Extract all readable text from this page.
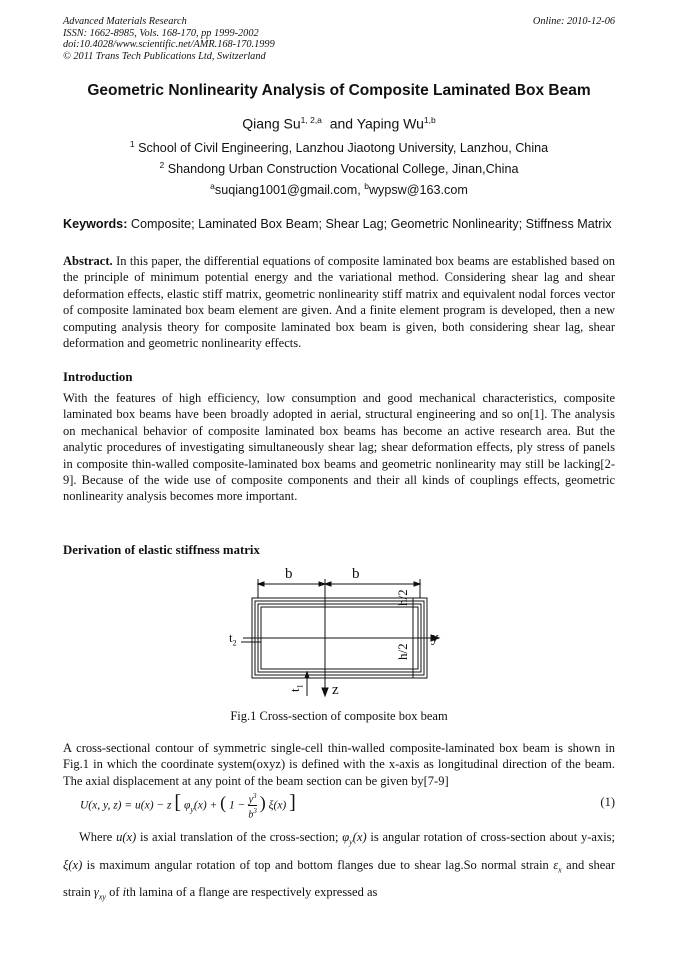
Advanced Materials Research
ISSN: 1662-8985, Vols. 168-170, pp 1999-2002
doi:10.4028/www.scientific.net/AMR.168-170.1999
© 2011 Trans Tech Publications Ltd, Switzerland
Online: 2010-12-06
Geometric Nonlinearity Analysis of Composite Laminated Box Beam
Qiang Su$^{1, 2,a}$ and Yaping Wu$^{1,b}$
$^1$ School of Civil Engineering, Lanzhou Jiaotong University, Lanzhou, China
$^2$ Shandong Urban Construction Vocational College, Jinan,China
$^a$suqiang1001@gmail.com, $^b$wypsw@163.com
Keywords: Composite; Laminated Box Beam; Shear Lag; Geometric Nonlinearity; Stiffness Matrix
Abstract. In this paper, the differential equations of composite laminated box beams are established based on the principle of minimum potential energy and the variational method. Considering shear lag and shear deformation effects, elastic stiff matrix, geometric nonlinearity stiff matrix and equivalent nodal forces vector of composite laminated box beam element are given. And a finite element program is developed, then a new computing analysis theory for composite laminated box beam is given, both considering shear lag, shear deformation and geometric nonlinearity effects.
Introduction
With the features of high efficiency, low consumption and good mechanical characteristics, composite laminated box beams have been broadly adopted in aerial, structural engineering and so on[1]. The analysis on mechanical behavior of composite laminated box beams has become an active research area. But the analytic procedures of investigating simultaneously shear lag; shear deformation effects, ply stress of panels in composite thin-walled composite-laminated box beams and geometric nonlinearity may still be lacking[2-9]. Because of the wide use of composite components and their all kinds of couplings effects, geometric nonlinearity analysis becomes more important.
Derivation of elastic stiffness matrix
b	b
h/2
h/2
$t_2$
$t_1$
y
z
Fig.1 Cross-section of composite box beam
A cross-sectional contour of symmetric single-cell thin-walled composite-laminated box beam is shown in Fig.1 in which the coordinate system(oxyz) is defined with the x-axis as longitudinal direction of the beam. The axial displacement at any point of the beam section can be given by[7-9]
U(x, y, z) = u(x) − z [ $\varphi_y(x)$ + ( $1 - \frac{y^3}{b^3}$ ) ξ(x) ]	(1)
Where u(x) is axial translation of the cross-section; $\varphi_y(x)$ is angular rotation of cross-section about y-axis; ξ(x) is maximum angular rotation of top and bottom flanges due to shear lag.So normal strain $\varepsilon_x$ and shear strain $\gamma_{xy}$ of ith lamina of a flange are respectively expressed as
